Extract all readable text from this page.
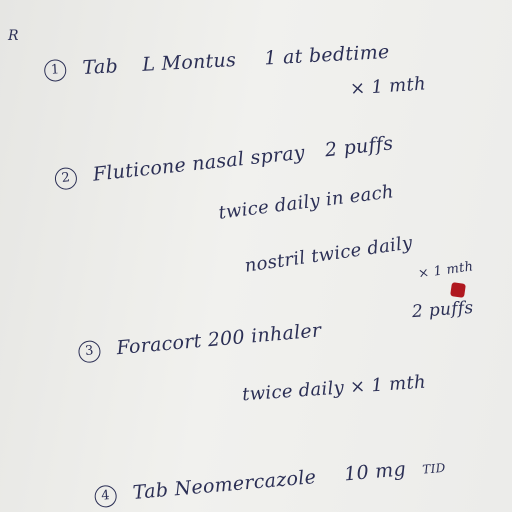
R
1 Tab L Montus 1 at bedtime
× 1 mth
2 Fluticone nasal spray 2 puffs
twice daily in each
nostril twice daily × 1 mth
3 Foracort 200 inhaler
2 puffs
twice daily × 1 mth
4 Tab Neomercazole 10 mg TID
